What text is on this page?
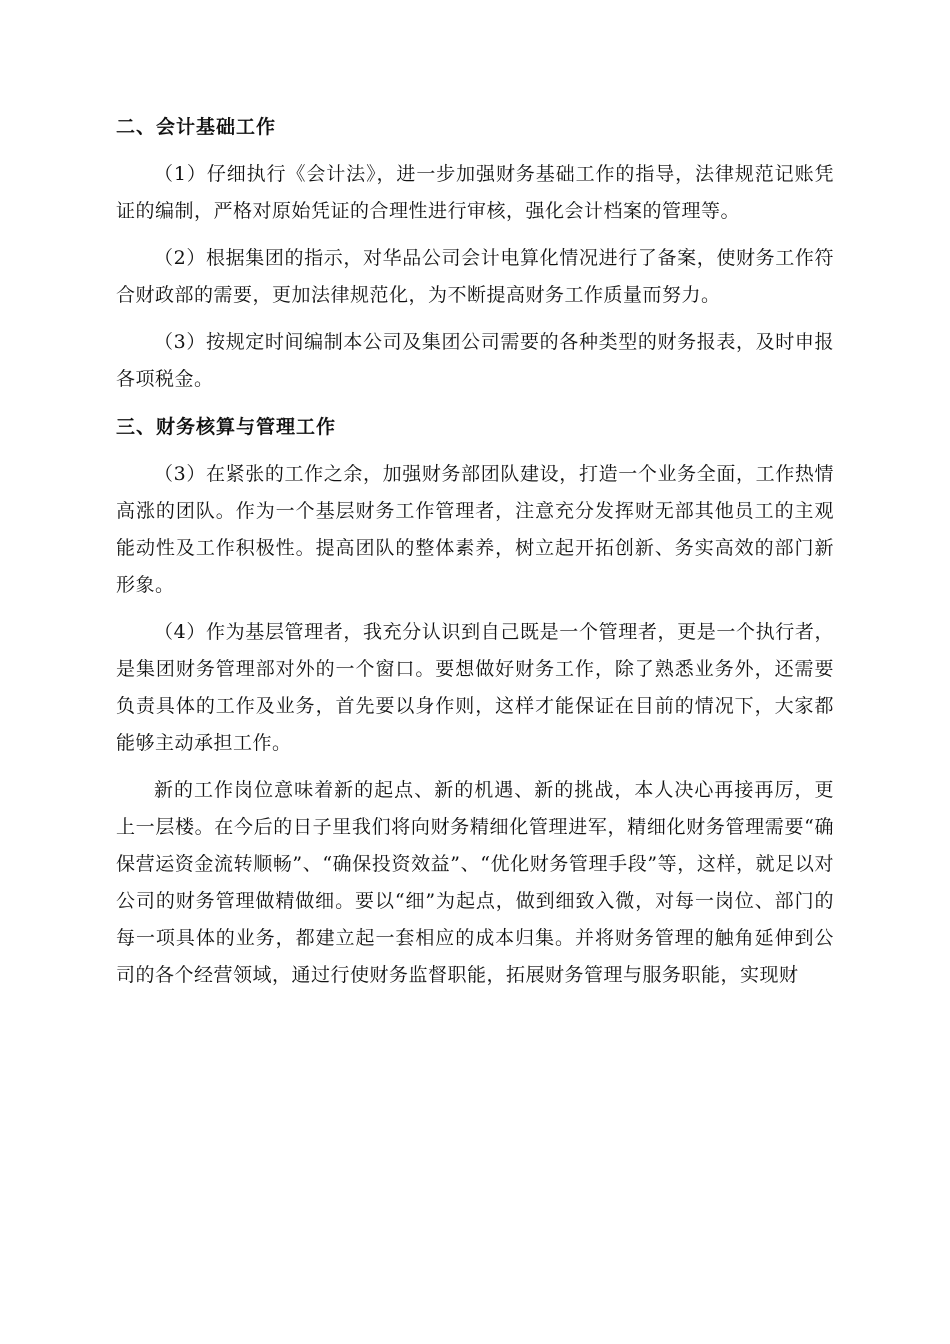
二、会计基础工作

（1）仔细执行《会计法》，进一步加强财务基础工作的指导，法律规范记账凭证的编制，严格对原始凭证的合理性进行审核，强化会计档案的管理等。

（2）根据集团的指示，对华品公司会计电算化情况进行了备案，使财务工作符合财政部的需要，更加法律规范化，为不断提高财务工作质量而努力。

（3）按规定时间编制本公司及集团公司需要的各种类型的财务报表，及时申报各项税金。

三、财务核算与管理工作

（3）在紧张的工作之余，加强财务部团队建设，打造一个业务全面，工作热情高涨的团队。作为一个基层财务工作管理者，注意充分发挥财无部其他员工的主观能动性及工作积极性。提高团队的整体素养，树立起开拓创新、务实高效的部门新形象。

（4）作为基层管理者，我充分认识到自己既是一个管理者，更是一个执行者，是集团财务管理部对外的一个窗口。要想做好财务工作，除了熟悉业务外，还需要负责具体的工作及业务，首先要以身作则，这样才能保证在目前的情况下，大家都能够主动承担工作。

新的工作岗位意味着新的起点、新的机遇、新的挑战，本人决心再接再厉，更上一层楼。在今后的日子里我们将向财务精细化管理进军，精细化财务管理需要“确保营运资金流转顺畅”、“确保投资效益”、“优化财务管理手段”等，这样，就足以对公司的财务管理做精做细。要以“细”为起点，做到细致入微，对每一岗位、部门的每一项具体的业务，都建立起一套相应的成本归集。并将财务管理的触角延伸到公司的各个经营领域，通过行使财务监督职能，拓展财务管理与服务职能，实现财
